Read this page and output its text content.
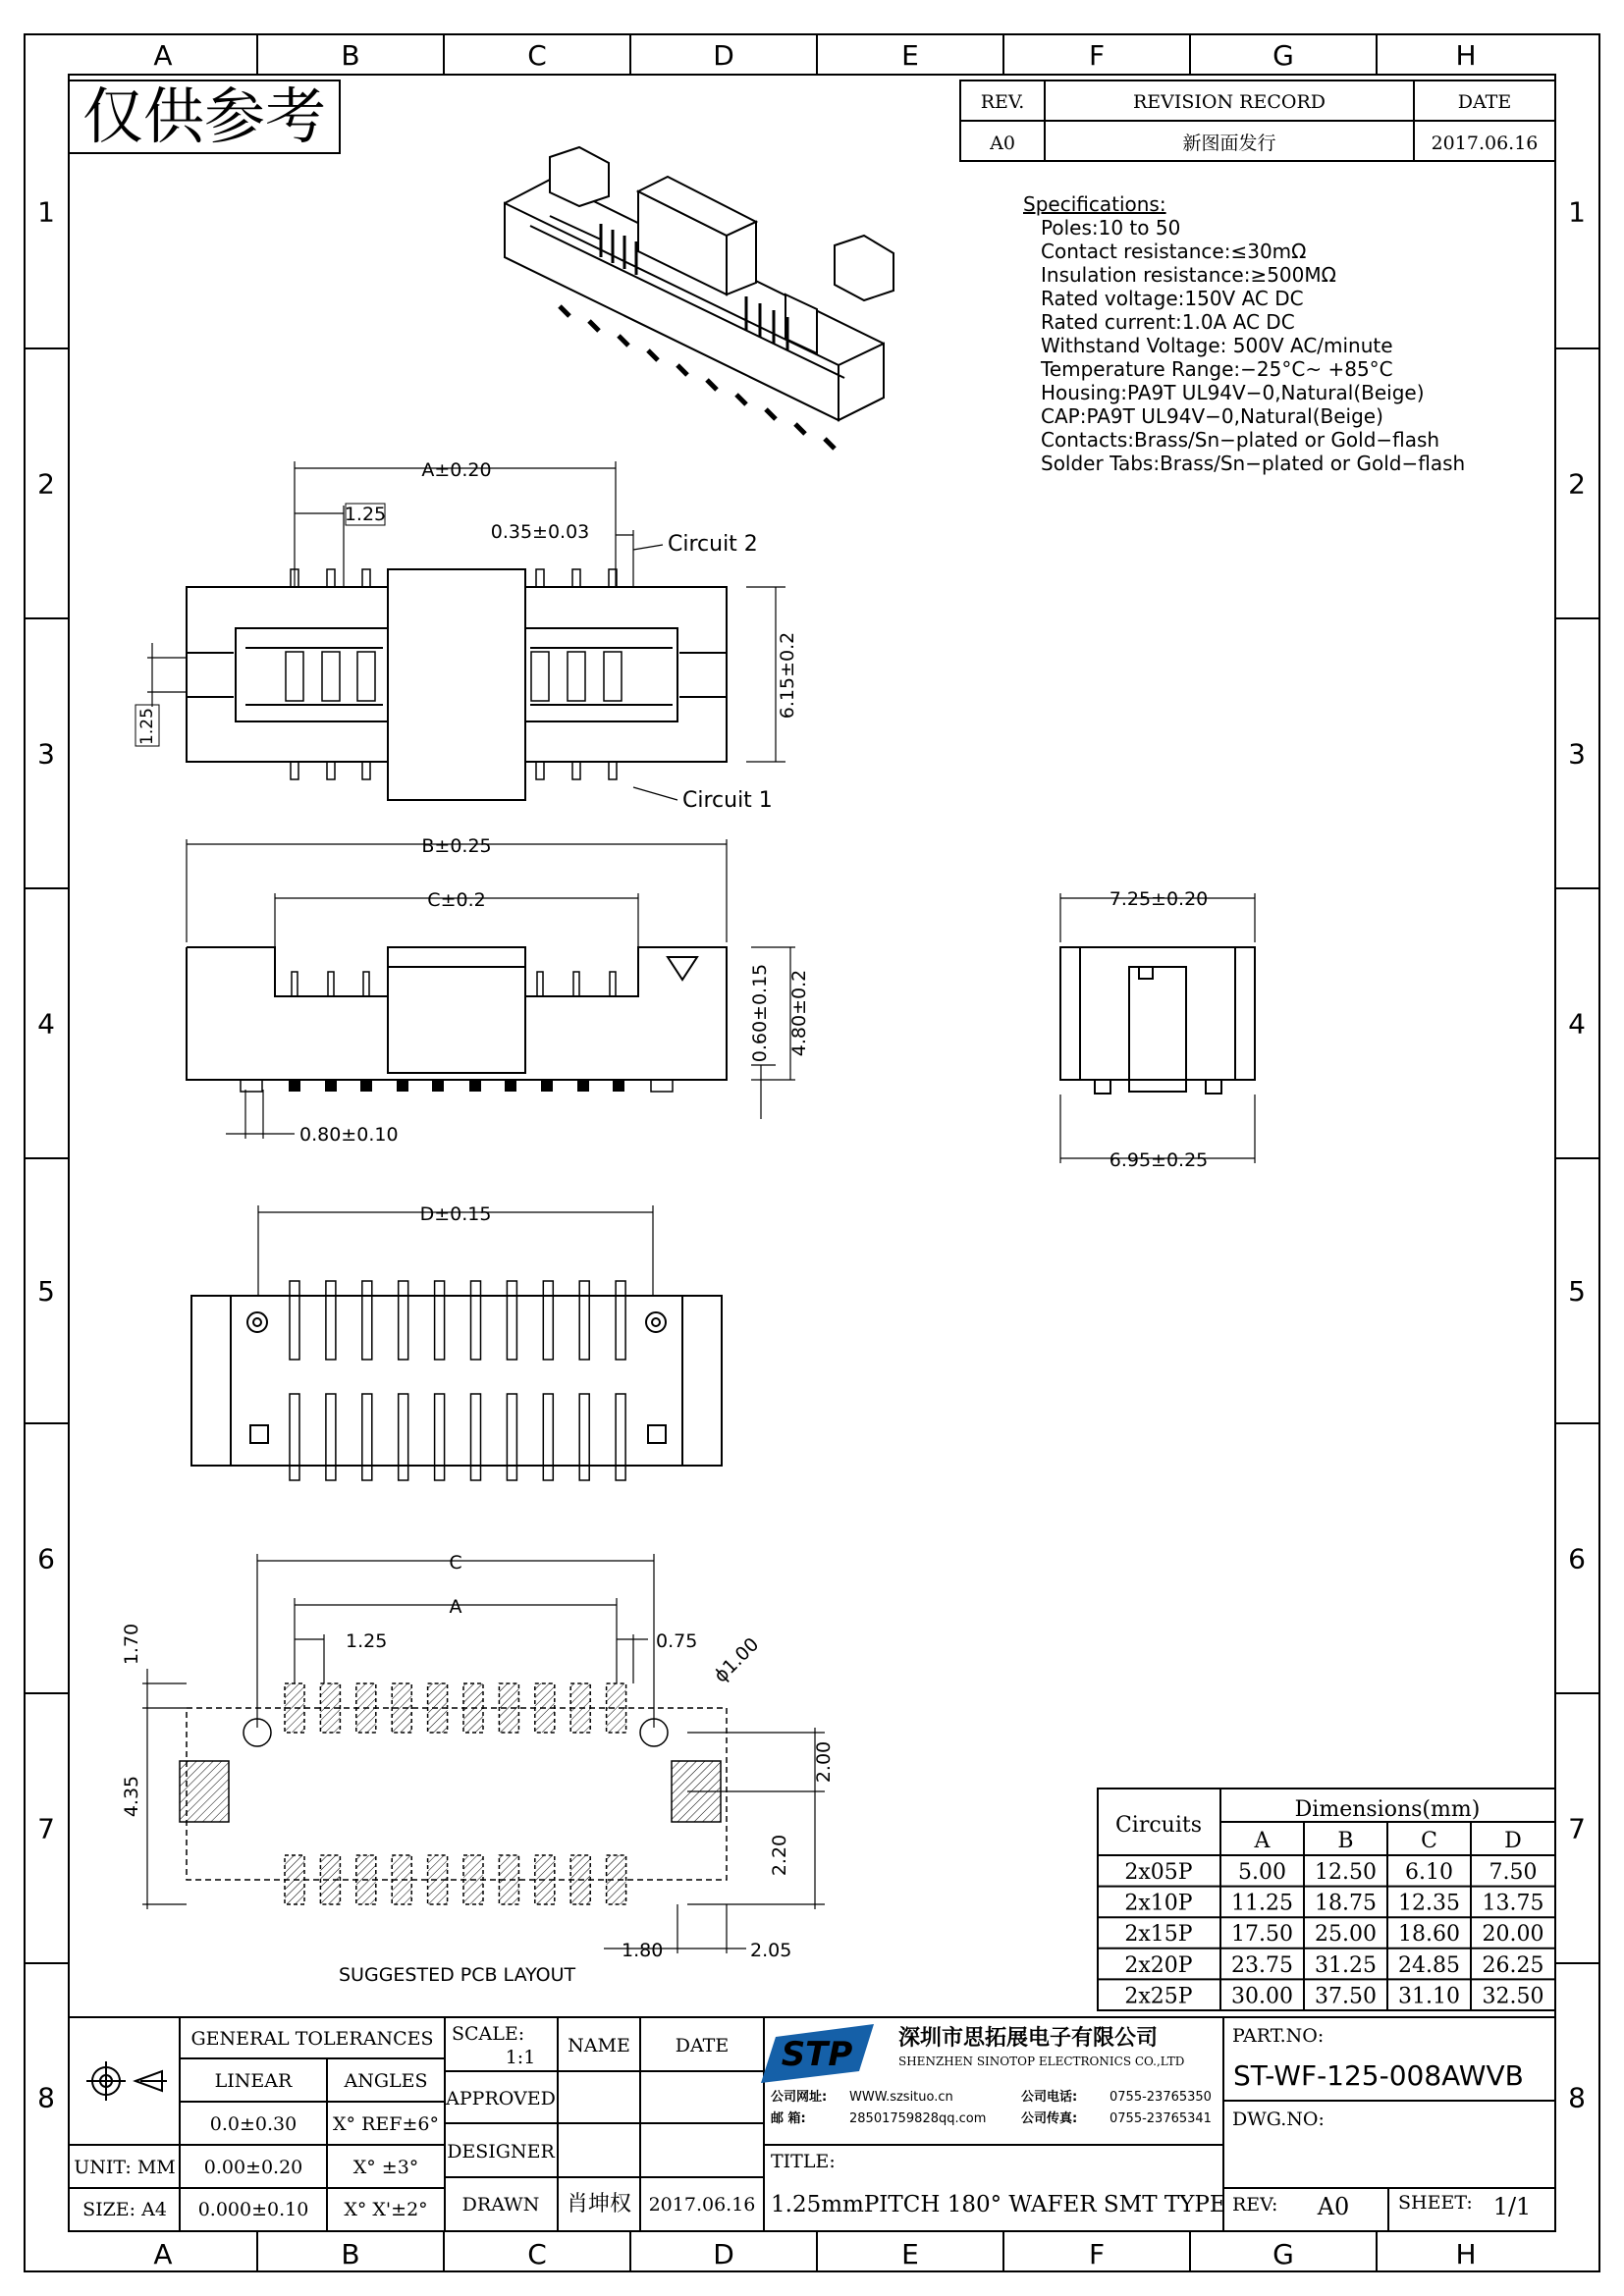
A
A
B
B
C
C
D
D
E
E
F
F
G
G
H
H
1	1
2	2
3	3
4	4
5	5
6	6
7	7
8	8
仅供参考	REV.	REVISION RECORD	DATE
A0	新图面发行	2017.06.16
Specifications:
Poles:10 to 50
Contact resistance:≤30mΩ
Insulation resistance:≥500MΩ
Rated voltage:150V AC DC
Rated current:1.0A AC DC
Withstand Voltage: 500V AC/minute
Temperature Range:−25°C~ +85°C
Housing:PA9T UL94V−0,Natural(Beige)
CAP:PA9T UL94V−0,Natural(Beige)
Contacts:Brass/Sn−plated or Gold−flash
Solder Tabs:Brass/Sn−plated or Gold−flash
A±0.20
1.25
0.35±0.03	Circuit 2
Circuit 1
6.15±0.2
1.25
B±0.25
C±0.2
0.60±0.15 4.80±0.2
0.80±0.10
7.25±0.20
6.95±0.25
D±0.15
C
A
1.25	0.75 ϕ1.00
1.70
4.35
2.00
2.20
1.80	2.05
SUGGESTED PCB LAYOUT
Circuits
Dimensions(mm)
A	B	C	D
2x05P 5.00 12.50 6.10 7.50
2x10P 11.25 18.75 12.35 13.75
2x15P 17.50 25.00 18.60 20.00
2x20P 23.75 31.25 24.85 26.25
2x25P 30.00 37.50 31.10 32.50
GENERAL TOLERANCES
LINEAR	ANGLES
0.0±0.30 X° REF±6°
UNIT: MM 0.00±0.20	X° ±3°
SIZE: A4 0.000±0.10 X° X'±2°
SCALE:
1:1
NAME DATE
APPROVED
DESIGNER
DRAWN 肖坤权 2017.06.16
STP 深圳市思拓展电子有限公司
SHENZHEN SINOTOP ELECTRONICS CO.,LTD
公司网址: WWW.szsituo.cn	公司电话:	0755-23765350
邮 箱:	28501759828qq.com	公司传真:	0755-23765341
TITLE:
1.25mmPITCH 180° WAFER SMT TYPE
PART.NO:
ST-WF-125-008AWVB
DWG.NO:
REV: A0	SHEET: 1/1
